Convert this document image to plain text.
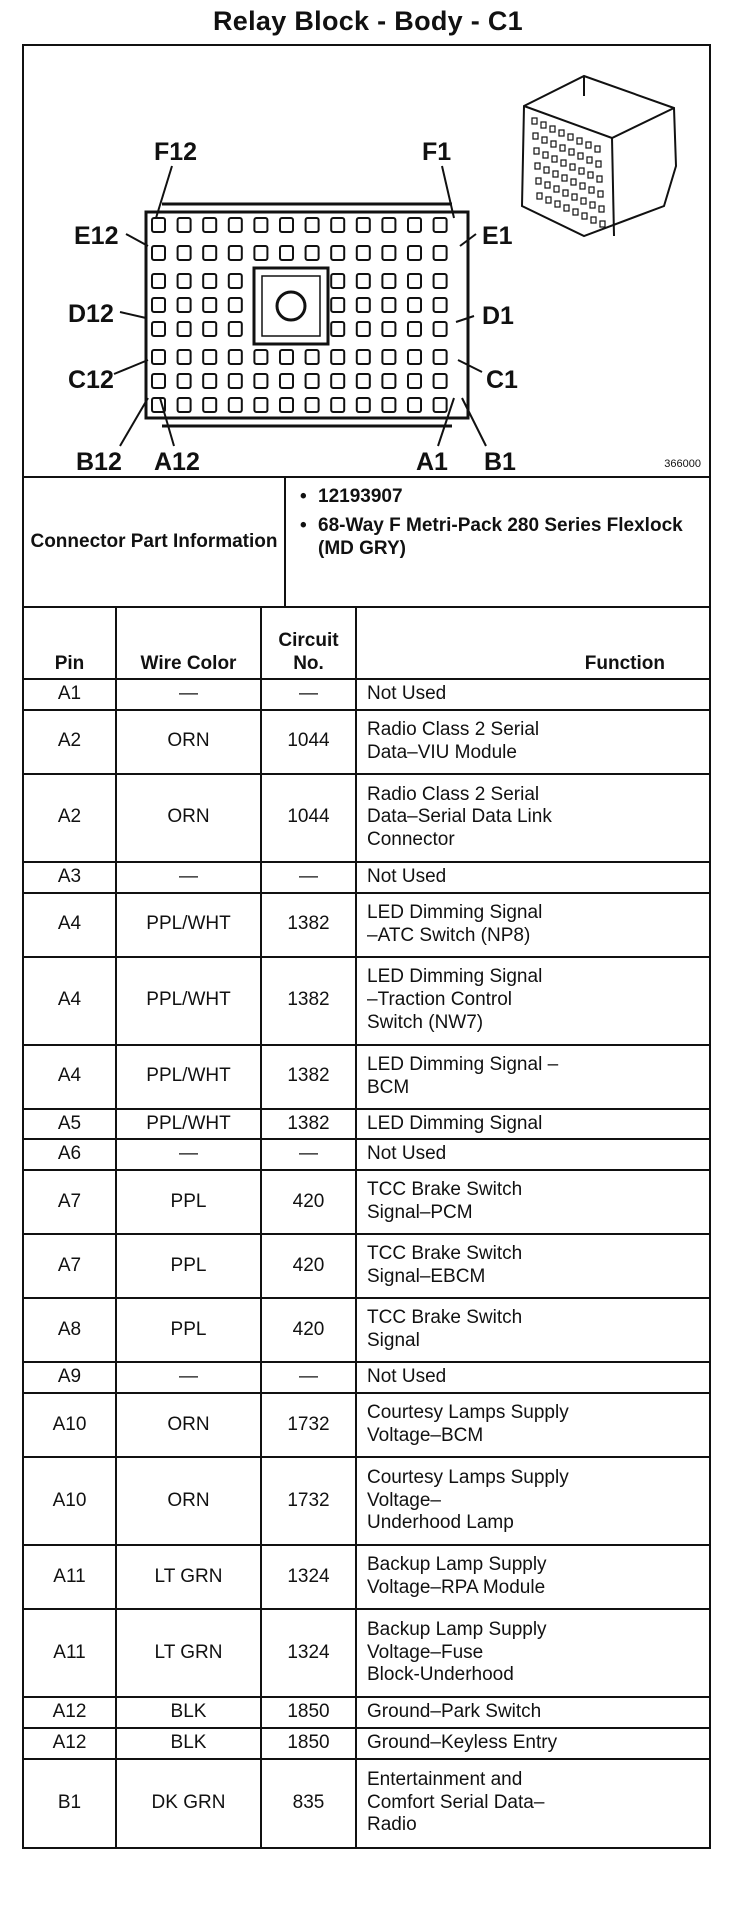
Relay Block - Body - C1
F12	F1
E12	E1
D12	D1
C12	C1
B12 A12	A1 B1	366000
Connector Part Information
• 12193907
• 68-Way F Metri-Pack 280 Series Flexlock (MD GRY)
Pin	Wire Color	Circuit No.	Function
A1	—	—	Not Used
A2	ORN	1044	Radio Class 2 Serial
Data–VIU Module
A2	ORN	1044	Radio Class 2 Serial
Data–Serial Data Link
Connector
A3	—	—	Not Used
A4	PPL/WHT	1382	LED Dimming Signal
–ATC Switch (NP8)
A4	PPL/WHT	1382	LED Dimming Signal
–Traction Control
Switch (NW7)
A4	PPL/WHT	1382	LED Dimming Signal –
BCM
A5	PPL/WHT	1382	LED Dimming Signal
A6	—	—	Not Used
A7	PPL	420	TCC Brake Switch
Signal–PCM
A7	PPL	420	TCC Brake Switch
Signal–EBCM
A8	PPL	420	TCC Brake Switch
Signal
A9	—	—	Not Used
A10	ORN	1732	Courtesy Lamps Supply
Voltage–BCM
A10	ORN	1732	Courtesy Lamps Supply
Voltage–
Underhood Lamp
A11	LT GRN	1324	Backup Lamp Supply
Voltage–RPA Module
A11	LT GRN	1324	Backup Lamp Supply
Voltage–Fuse
Block-Underhood
A12	BLK	1850	Ground–Park Switch
A12	BLK	1850	Ground–Keyless Entry
B1	DK GRN	835	Entertainment and
Comfort Serial Data–
Radio
